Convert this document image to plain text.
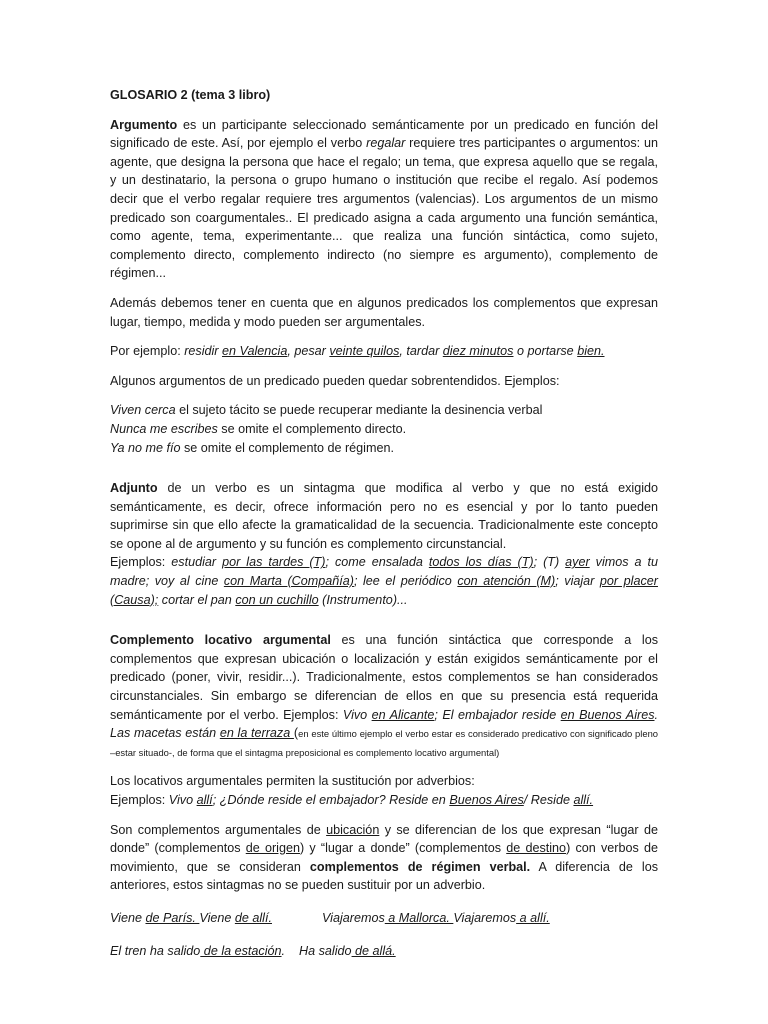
GLOSARIO 2 (tema 3 libro)

Argumento es un participante seleccionado semánticamente por un predicado en función del significado de este. Así, por ejemplo el verbo regalar requiere tres participantes o argumentos: un agente, que designa la persona que hace el regalo; un tema, que expresa aquello que se regala, y un destinatario, la persona o grupo humano o institución que recibe el regalo. Así podemos decir que el verbo regalar requiere tres argumentos (valencias). Los argumentos de un mismo predicado son coargumentales.. El predicado asigna a cada argumento una función semántica, como agente, tema, experimentante... que realiza una función sintáctica, como sujeto, complemento directo, complemento indirecto (no siempre es argumento), complemento de régimen...

Además debemos tener en cuenta que en algunos predicados los complementos que expresan lugar, tiempo, medida y modo pueden ser argumentales.

Por ejemplo: residir en Valencia, pesar veinte quilos, tardar diez minutos o portarse bien.

Algunos argumentos de un predicado pueden quedar sobrentendidos. Ejemplos:

Viven cerca el sujeto tácito se puede recuperar mediante la desinencia verbal
Nunca me escribes se omite el complemento directo.
Ya no me fío se omite el complemento de régimen.

Adjunto de un verbo es un sintagma que modifica al verbo y que no está exigido semánticamente, es decir, ofrece información pero no es esencial y por lo tanto pueden suprimirse sin que ello afecte la gramaticalidad de la secuencia. Tradicionalmente este concepto se opone al de argumento y su función es complemento circunstancial.

Ejemplos: estudiar por las tardes (T); come ensalada todos los días (T); (T) ayer vimos a tu madre; voy al cine con Marta (Compañía); lee el periódico con atención (M); viajar por placer (Causa); cortar el pan con un cuchillo (Instrumento)...

Complemento locativo argumental es una función sintáctica que corresponde a los complementos que expresan ubicación o localización y están exigidos semánticamente por el predicado (poner, vivir, residir...). Tradicionalmente, estos complementos se han considerados circunstanciales. Sin embargo se diferencian de ellos en que su presencia está requerida semánticamente por el verbo. Ejemplos: Vivo en Alicante; El embajador reside en Buenos Aires. Las macetas están en la terraza (en este último ejemplo el verbo estar es considerado predicativo con significado pleno –estar situado-, de forma que el sintagma preposicional es complemento locativo argumental)

Los locativos argumentales permiten la sustitución por adverbios:
Ejemplos: Vivo allí; ¿Dónde reside el embajador? Reside en Buenos Aires/ Reside allí.

Son complementos argumentales de ubicación y se diferencian de los que expresan “lugar de donde” (complementos de origen) y “lugar a donde” (complementos de destino) con verbos de movimiento, que se consideran complementos de régimen verbal. A diferencia de los anteriores, estos sintagmas no se pueden sustituir por un adverbio.

Viene de París. Viene de allí.	Viajaremos a Mallorca. Viajaremos a allí.

El tren ha salido de la estación. Ha salido de allá.
